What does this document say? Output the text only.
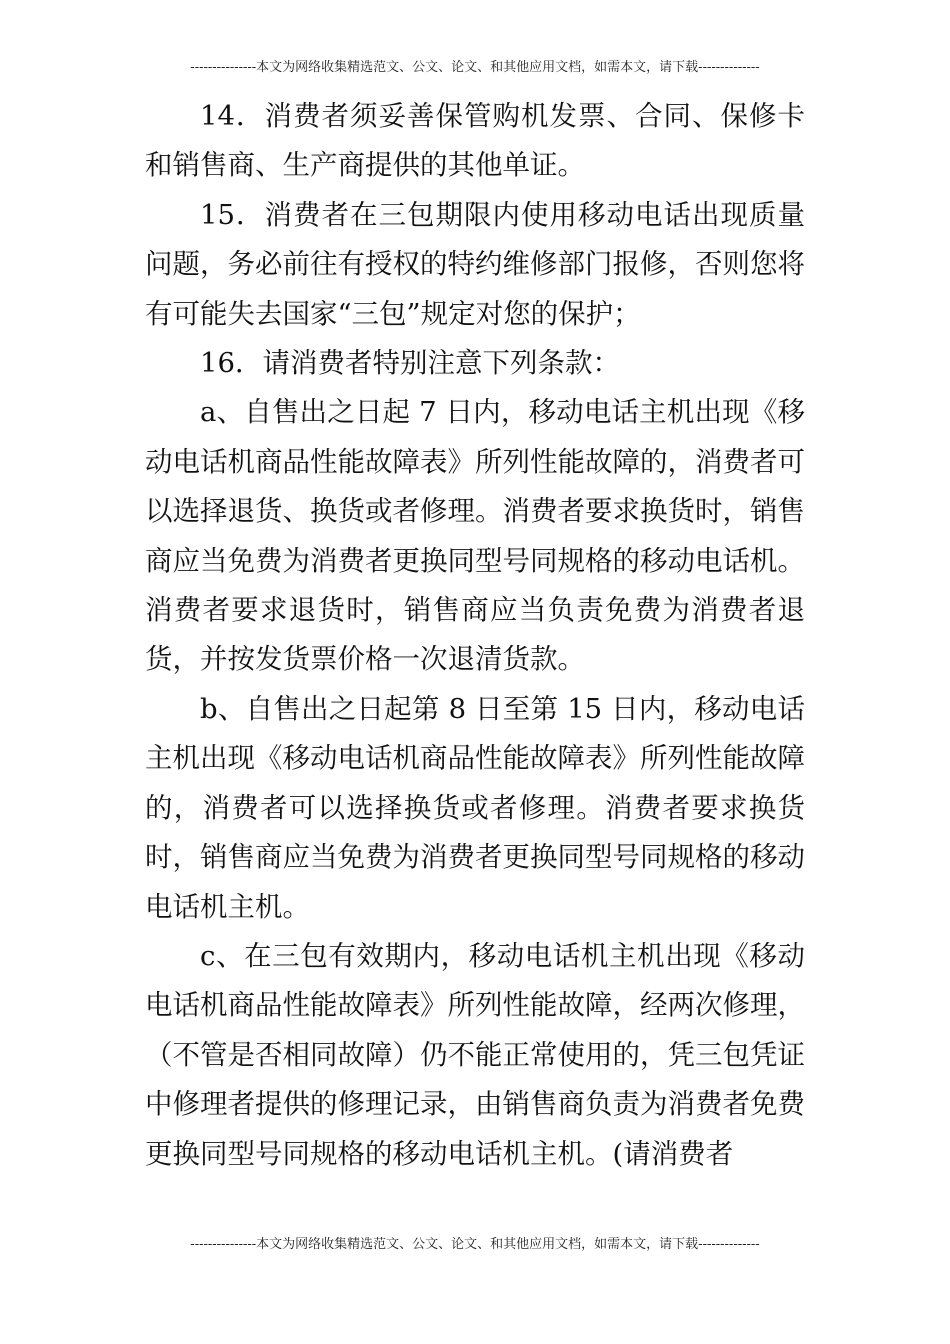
---------------本文为网络收集精选范文、公文、论文、和其他应用文档，如需本文，请下载--------------

14．消费者须妥善保管购机发票、合同、保修卡和销售商、生产商提供的其他单证。

15．消费者在三包期限内使用移动电话出现质量问题，务必前往有授权的特约维修部门报修，否则您将有可能失去国家“三包”规定对您的保护；

16．请消费者特别注意下列条款：

a、自售出之日起 7 日内，移动电话主机出现《移动电话机商品性能故障表》所列性能故障的，消费者可以选择退货、换货或者修理。消费者要求换货时，销售商应当免费为消费者更换同型号同规格的移动电话机。消费者要求退货时，销售商应当负责免费为消费者退货，并按发货票价格一次退清货款。

b、自售出之日起第 8 日至第 15 日内，移动电话主机出现《移动电话机商品性能故障表》所列性能故障的，消费者可以选择换货或者修理。消费者要求换货时，销售商应当免费为消费者更换同型号同规格的移动电话机主机。

c、在三包有效期内，移动电话机主机出现《移动电话机商品性能故障表》所列性能故障，经两次修理，（不管是否相同故障）仍不能正常使用的，凭三包凭证中修理者提供的修理记录，由销售商负责为消费者免费更换同型号同规格的移动电话机主机。(请消费者

---------------本文为网络收集精选范文、公文、论文、和其他应用文档，如需本文，请下载--------------
